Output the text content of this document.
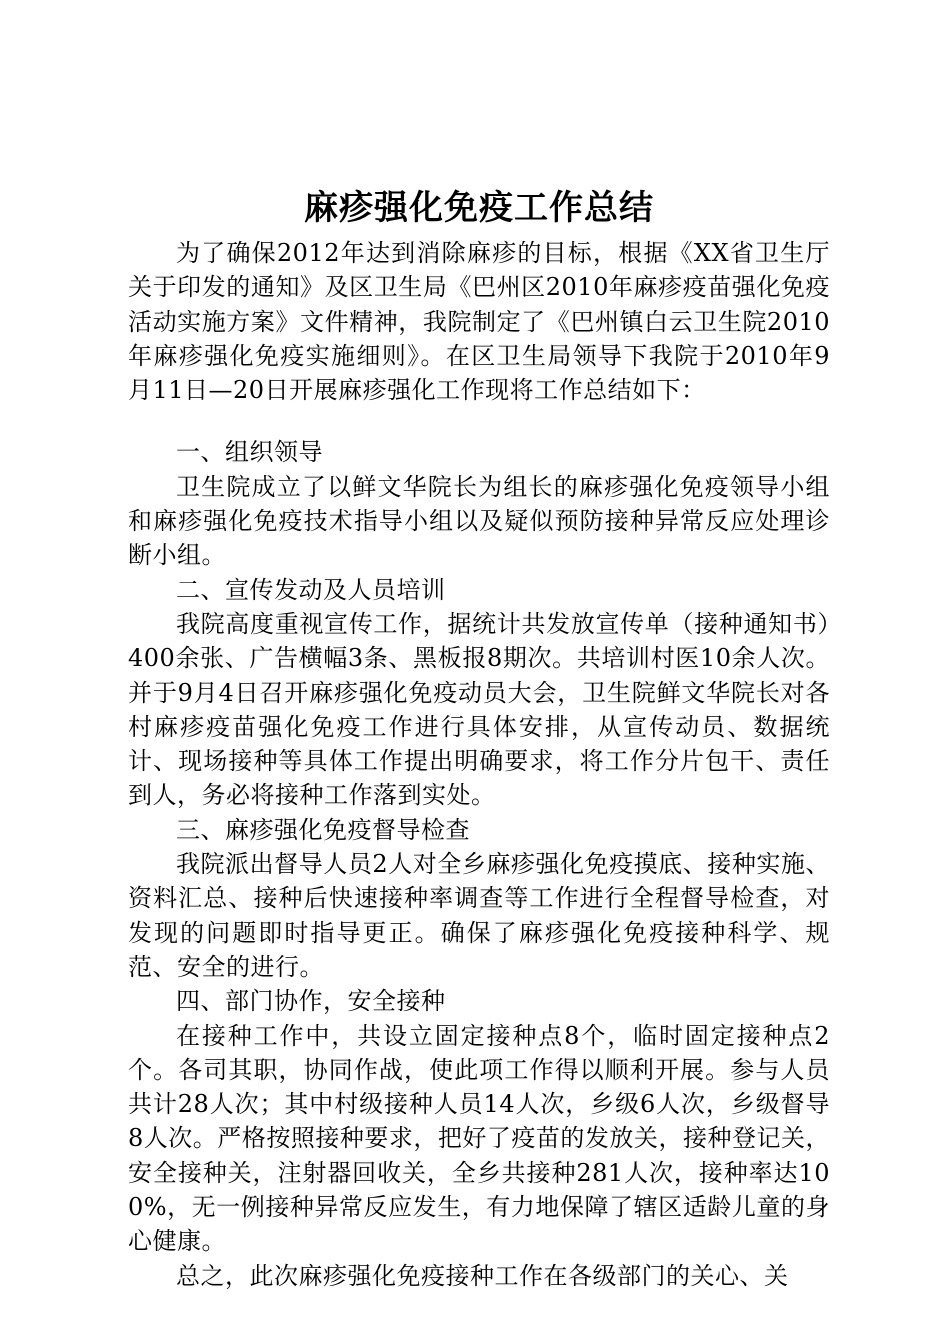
麻疹强化免疫工作总结

为了确保2012年达到消除麻疹的目标，根据《XX省卫生厅关于印发的通知》及区卫生局《巴州区2010年麻疹疫苗强化免疫活动实施方案》文件精神，我院制定了《巴州镇白云卫生院2010年麻疹强化免疫实施细则》。在区卫生局领导下我院于2010年9月11日—20日开展麻疹强化工作现将工作总结如下：

一、组织领导

卫生院成立了以鲜文华院长为组长的麻疹强化免疫领导小组和麻疹强化免疫技术指导小组以及疑似预防接种异常反应处理诊断小组。

二、宣传发动及人员培训

我院高度重视宣传工作，据统计共发放宣传单（接种通知书）400余张、广告横幅3条、黑板报8期次。共培训村医10余人次。并于9月4日召开麻疹强化免疫动员大会，卫生院鲜文华院长对各村麻疹疫苗强化免疫工作进行具体安排，从宣传动员、数据统计、现场接种等具体工作提出明确要求，将工作分片包干、责任到人，务必将接种工作落到实处。

三、麻疹强化免疫督导检查

我院派出督导人员2人对全乡麻疹强化免疫摸底、接种实施、资料汇总、接种后快速接种率调查等工作进行全程督导检查，对发现的问题即时指导更正。确保了麻疹强化免疫接种科学、规范、安全的进行。

四、部门协作，安全接种

在接种工作中，共设立固定接种点8个，临时固定接种点2个。各司其职，协同作战，使此项工作得以顺利开展。参与人员共计28人次；其中村级接种人员14人次，乡级6人次，乡级督导8人次。严格按照接种要求，把好了疫苗的发放关，接种登记关，安全接种关，注射器回收关，全乡共接种281人次，接种率达100%，无一例接种异常反应发生，有力地保障了辖区适龄儿童的身心健康。

总之，此次麻疹强化免疫接种工作在各级部门的关心、关
